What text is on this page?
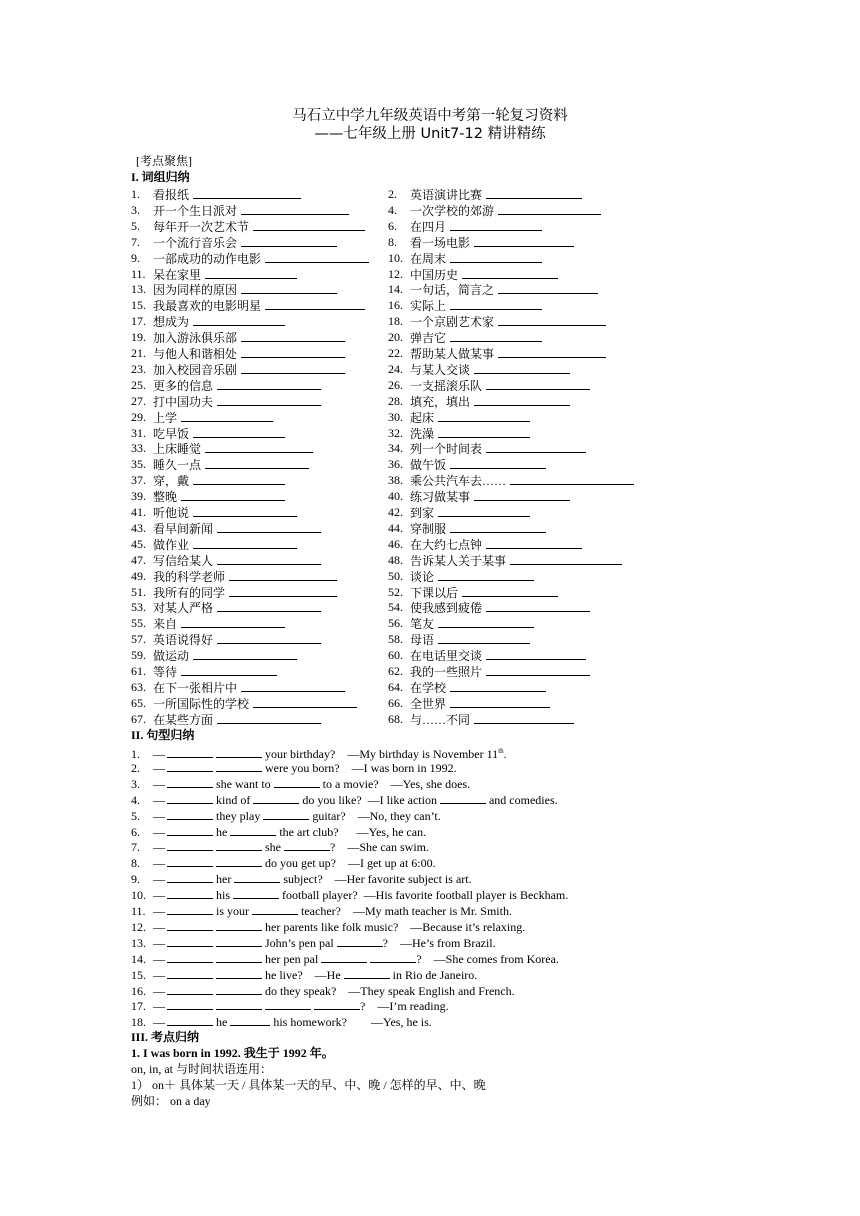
马石立中学九年级英语中考第一轮复习资料
——七年级上册 Unit7-12 精讲精练
[考点聚焦]
I. 词组归纳
1.	看报纸	2.	英语演讲比赛
3.	开一个生日派对	4.	一次学校的郊游
5.	每年开一次艺术节	6.	在四月
7.	一个流行音乐会	8.	看一场电影
9.	一部成功的动作电影	10. 在周末
11. 呆在家里	12. 中国历史
13. 因为同样的原因	14. 一句话，简言之
15. 我最喜欢的电影明星	16. 实际上
17. 想成为	18. 一个京剧艺术家
19. 加入游泳俱乐部	20. 弹吉它
21. 与他人和谐相处	22. 帮助某人做某事
23. 加入校园音乐剧	24. 与某人交谈
25. 更多的信息	26. 一支摇滚乐队
27. 打中国功夫	28. 填充，填出
29. 上学	30. 起床
31. 吃早饭	32. 洗澡
33. 上床睡觉	34. 列一个时间表
35. 睡久一点	36. 做午饭
37. 穿，戴	38. 乘公共汽车去……
39. 整晚	40. 练习做某事
41. 听他说	42. 到家
43. 看早间新闻	44. 穿制服
45. 做作业	46. 在大约七点钟
47. 写信给某人	48. 告诉某人关于某事
49. 我的科学老师	50. 谈论
51. 我所有的同学	52. 下课以后
53. 对某人严格	54. 使我感到疲倦
55. 来自	56. 笔友
57. 英语说得好	58. 母语
59. 做运动	60. 在电话里交谈
61. 等待	62. 我的一些照片
63. 在下一张相片中	64. 在学校
65. 一所国际性的学校	66. 全世界
67. 在某些方面	68. 与……不同
II. 句型归纳
1. —	your birthday?    —My birthday is November 11th.
2. —	were you born?    —I was born in 1992.
3. —	she want to	to a movie?    —Yes, she does.
4. —	kind of	do you like?  —I like action	and comedies.
5. —	they play	guitar?    —No, they can’t.
6. —	he	the art club?      —Yes, he can.
7. —	she	?    —She can swim.
8. —	do you get up?    —I get up at 6:00.
9. —	her	subject?    —Her favorite subject is art.
10. —	his	football player?  —His favorite football player is Beckham.
11. —	is your	teacher?    —My math teacher is Mr. Smith.
12. —	her parents like folk music?    —Because it’s relaxing.
13. —	John’s pen pal	?    —He’s from Brazil.
14. —	her pen pal	?    —She comes from Korea.
15. —	he live?    —He	in Rio de Janeiro.
16. —	do they speak?    —They speak English and French.
17. —	?    —I’m reading.
18. —	he	his homework?        —Yes, he is.
III. 考点归纳
1. I was born in 1992. 我生于 1992 年。
on, in, at 与时间状语连用：
1） on＋ 具体某一天 / 具体某一天的早、中、晚 / 怎样的早、中、晚
例如： on a day
